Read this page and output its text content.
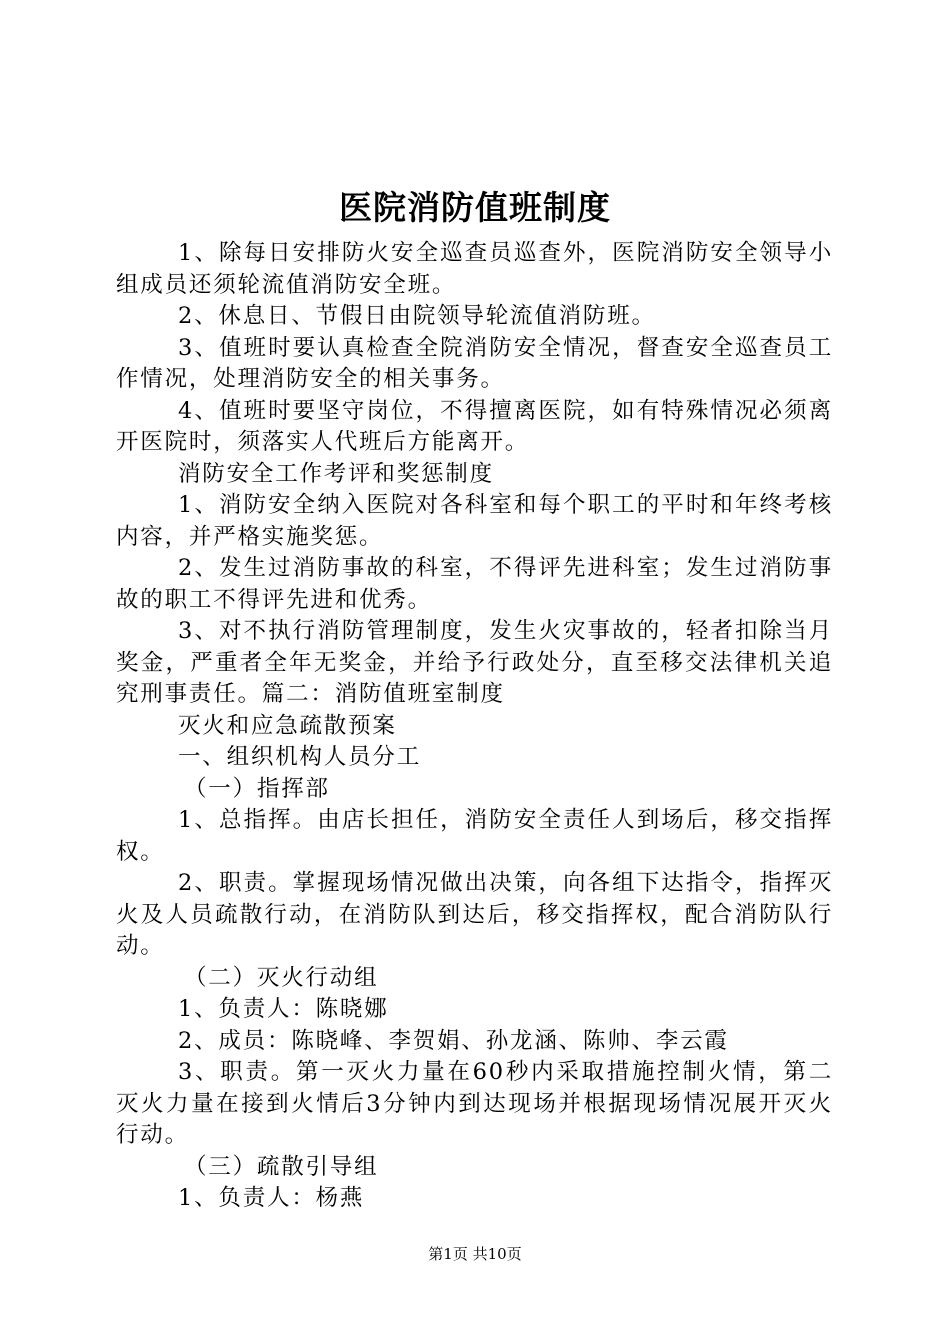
医院消防值班制度

1、除每日安排防火安全巡查员巡查外，医院消防安全领导小组成员还须轮流值消防安全班。

2、休息日、节假日由院领导轮流值消防班。

3、值班时要认真检查全院消防安全情况，督查安全巡查员工作情况，处理消防安全的相关事务。

4、值班时要坚守岗位，不得擅离医院，如有特殊情况必须离开医院时，须落实人代班后方能离开。

消防安全工作考评和奖惩制度

1、消防安全纳入医院对各科室和每个职工的平时和年终考核内容，并严格实施奖惩。

2、发生过消防事故的科室，不得评先进科室；发生过消防事故的职工不得评先进和优秀。

3、对不执行消防管理制度，发生火灾事故的，轻者扣除当月奖金，严重者全年无奖金，并给予行政处分，直至移交法律机关追究刑事责任。篇二：消防值班室制度

灭火和应急疏散预案

一、组织机构人员分工

（一）指挥部

1、总指挥。由店长担任，消防安全责任人到场后，移交指挥权。

2、职责。掌握现场情况做出决策，向各组下达指令，指挥灭火及人员疏散行动，在消防队到达后，移交指挥权，配合消防队行动。

（二）灭火行动组

1、负责人：陈晓娜

2、成员：陈晓峰、李贺娟、孙龙涵、陈帅、李云霞

3、职责。第一灭火力量在60秒内采取措施控制火情，第二灭火力量在接到火情后3分钟内到达现场并根据现场情况展开灭火行动。

（三）疏散引导组

1、负责人：杨燕

第1页 共10页
